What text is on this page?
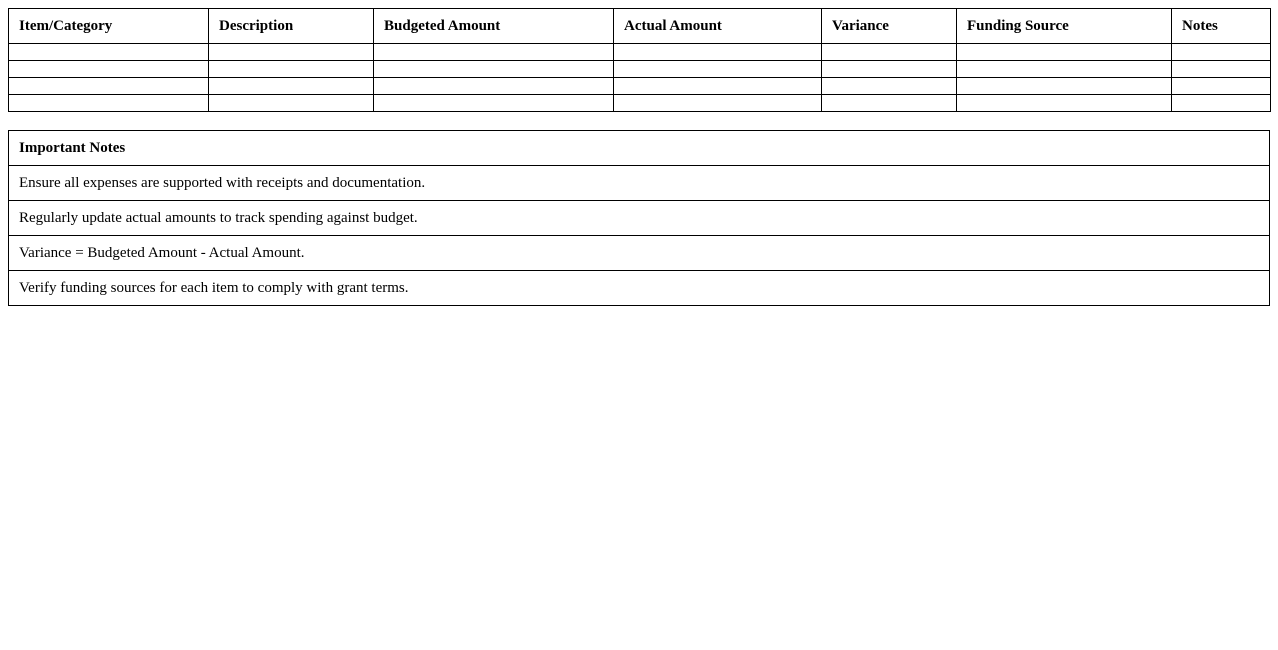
Item/Category	Description	Budgeted Amount	Actual Amount	Variance	Funding Source	Notes

Important Notes
Ensure all expenses are supported with receipts and documentation.
Regularly update actual amounts to track spending against budget.
Variance = Budgeted Amount - Actual Amount.
Verify funding sources for each item to comply with grant terms.
